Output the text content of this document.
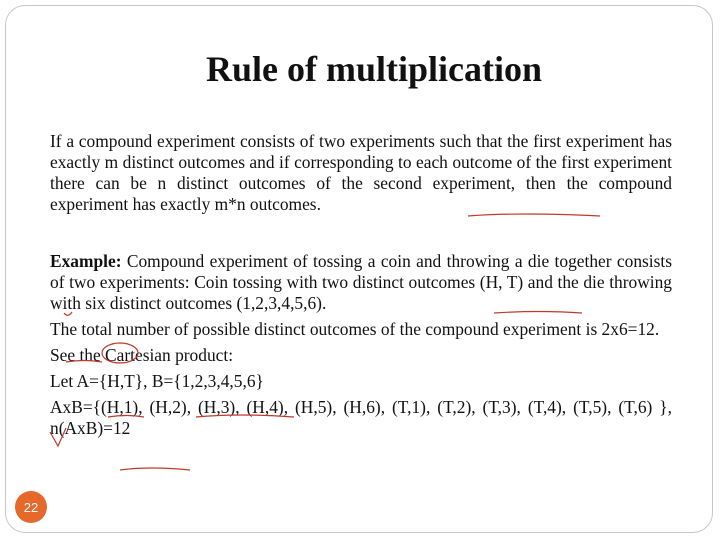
Rule of multiplication
If a compound experiment consists of two experiments such that the first experiment has exactly m distinct outcomes and if corresponding to each outcome of the first experiment there can be n distinct outcomes of the second experiment, then the compound experiment has exactly m*n outcomes.

Example: Compound experiment of tossing a coin and throwing a die together consists of two experiments: Coin tossing with two distinct outcomes (H, T) and the die throwing with six distinct outcomes (1,2,3,4,5,6).

The total number of possible distinct outcomes of the compound experiment is 2x6=12.

See the Cartesian product:

Let A={H,T}, B={1,2,3,4,5,6}

AxB={(H,1), (H,2), (H,3), (H,4), (H,5), (H,6), (T,1), (T,2), (T,3), (T,4), (T,5), (T,6) }, n(AxB)=12

22
